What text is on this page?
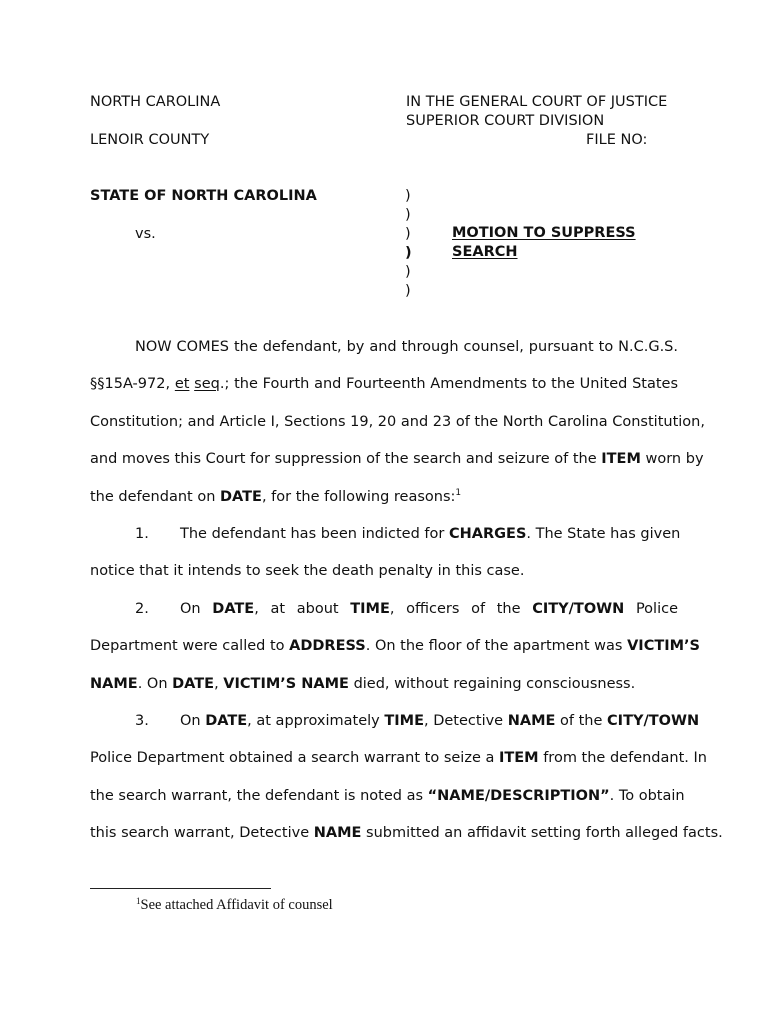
NORTH CAROLINA	IN THE GENERAL COURT OF JUSTICE
SUPERIOR COURT DIVISION
LENOIR COUNTY	FILE NO:
STATE OF NORTH CAROLINA
vs.
)
)
)
)
)
)
MOTION TO SUPPRESS
SEARCH
NOW COMES the defendant, by and through counsel, pursuant to N.C.G.S.
§§15A-972, et seq.; the Fourth and Fourteenth Amendments to the United States
Constitution; and Article I, Sections 19, 20 and 23 of the North Carolina Constitution,
and moves this Court for suppression of the search and seizure of the ITEM worn by
the defendant on DATE, for the following reasons:$^1$
1. The defendant has been indicted for CHARGES. The State has given
notice that it intends to seek the death penalty in this case.
2. On DATE, at about TIME, officers of the CITY/TOWN Police
Department were called to ADDRESS. On the floor of the apartment was VICTIM’S
NAME. On DATE, VICTIM’S NAME died, without regaining consciousness.
3. On DATE, at approximately TIME, Detective NAME of the CITY/TOWN
Police Department obtained a search warrant to seize a ITEM from the defendant. In
the search warrant, the defendant is noted as “NAME/DESCRIPTION”. To obtain
this search warrant, Detective NAME submitted an affidavit setting forth alleged facts.
$^1$See attached Affidavit of counsel
